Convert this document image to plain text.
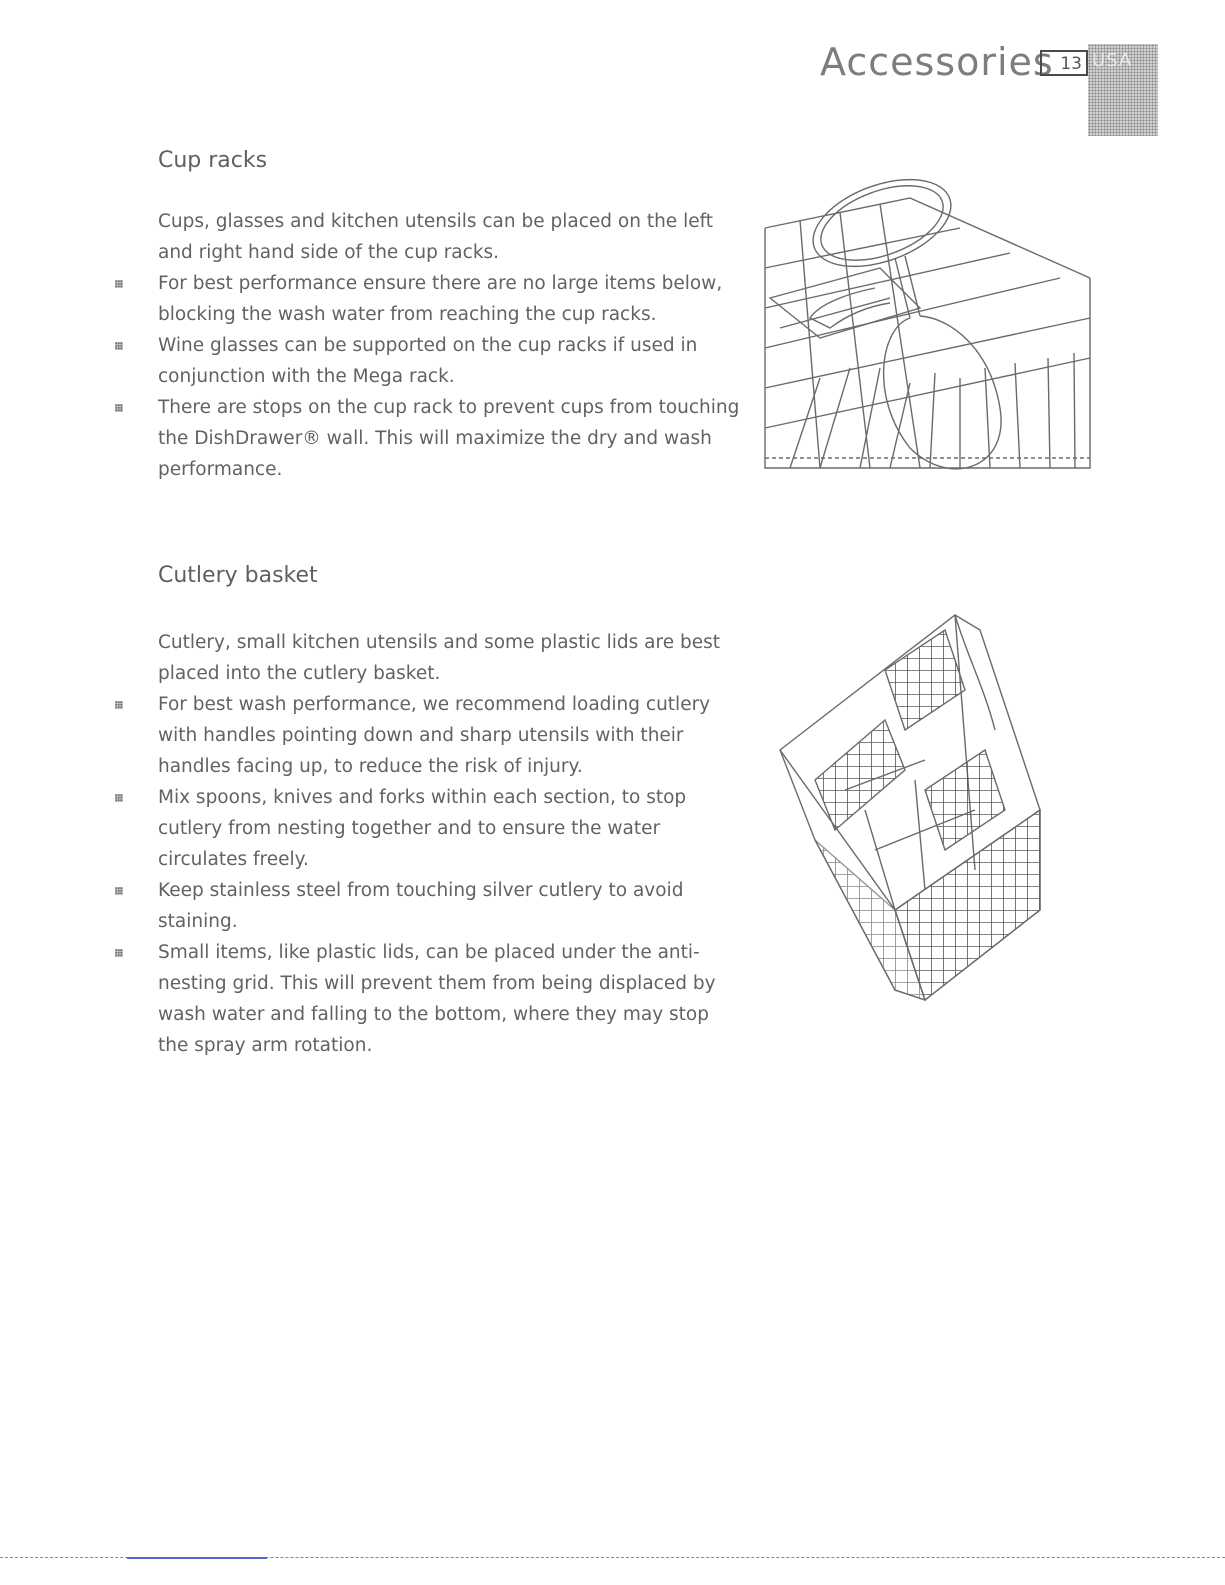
Accessories 13 USA
Cup racks

Cups, glasses and kitchen utensils can be placed on the left and right hand side of the cup racks.

For best performance ensure there are no large items below, blocking the wash water from reaching the cup racks.
Wine glasses can be supported on the cup racks if used in conjunction with the Mega rack.
There are stops on the cup rack to prevent cups from touching the DishDrawer® wall. This will maximize the dry and wash performance.
Cutlery basket

Cutlery, small kitchen utensils and some plastic lids are best placed into the cutlery basket.

For best wash performance, we recommend loading cutlery with handles pointing down and sharp utensils with their handles facing up, to reduce the risk of injury.
Mix spoons, knives and forks within each section, to stop cutlery from nesting together and to ensure the water circulates freely.
Keep stainless steel from touching silver cutlery to avoid staining.
Small items, like plastic lids, can be placed under the anti-nesting grid. This will prevent them from being displaced by wash water and falling to the bottom, where they may stop the spray arm rotation.
